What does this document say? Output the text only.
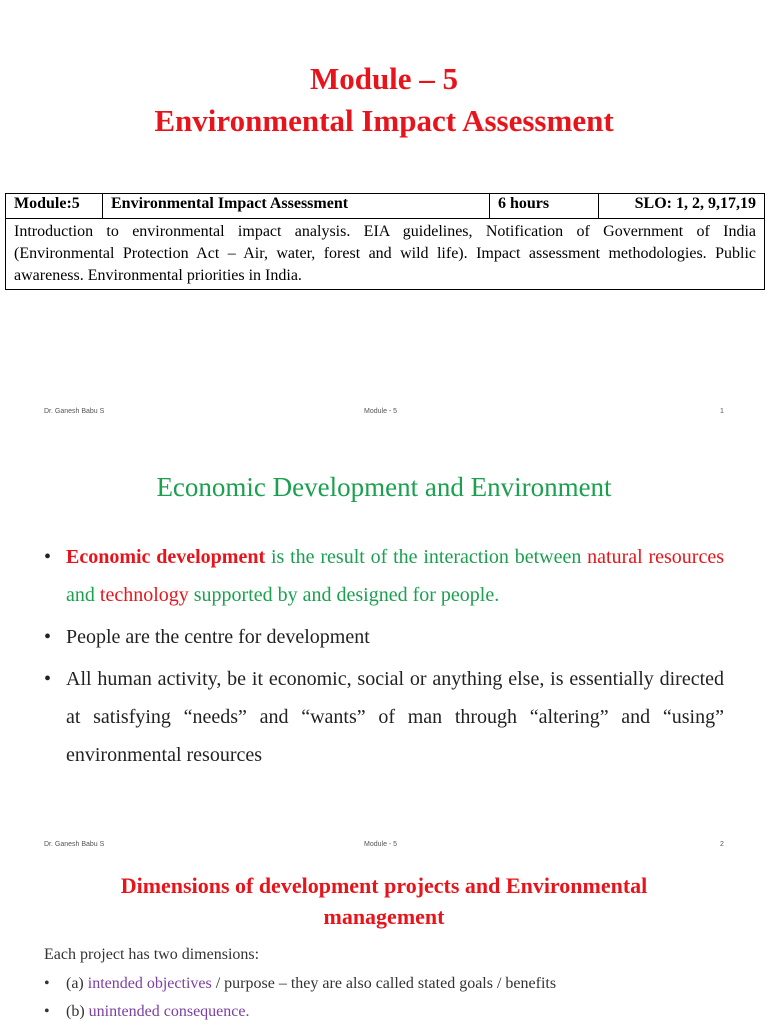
Module – 5
Environmental Impact Assessment
Module:5	Environmental Impact Assessment	6 hours	SLO: 1, 2, 9,17,19
Introduction to environmental impact analysis. EIA guidelines, Notification of Government of India (Environmental Protection Act – Air, water, forest and wild life). Impact assessment methodologies. Public awareness. Environmental priorities in India.
Dr. Ganesh Babu S	Module - 5	1
Economic Development and Environment
• Economic development is the result of the interaction between natural resources and technology supported by and designed for people.
• People are the centre for development
• All human activity, be it economic, social or anything else, is essentially directed at satisfying “needs” and “wants” of man through “altering” and “using” environmental resources
Dr. Ganesh Babu S	Module - 5	2
Dimensions of development projects and Environmental management
Each project has two dimensions:
• (a) intended objectives / purpose – they are also called stated goals / benefits
• (b) unintended consequence.
